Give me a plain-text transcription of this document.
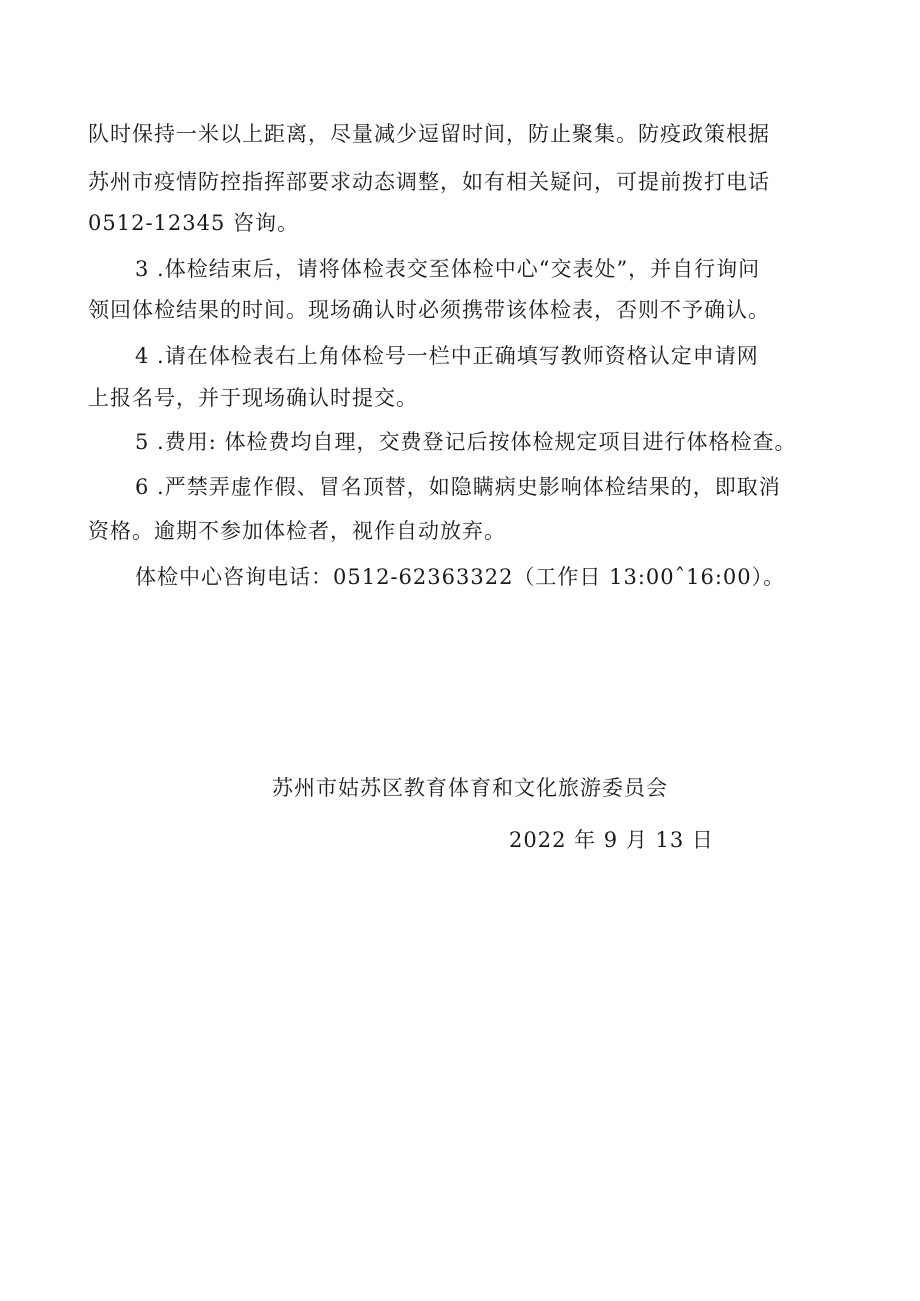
队时保持一米以上距离，尽量减少逗留时间，防止聚集。防疫政策根据
苏州市疫情防控指挥部要求动态调整，如有相关疑问，可提前拨打电话
0512-12345 咨询。
3 .体检结束后，请将体检表交至体检中心“交表处”，并自行询问
领回体检结果的时间。现场确认时必须携带该体检表，否则不予确认。
4 .请在体检表右上角体检号一栏中正确填写教师资格认定申请网
上报名号，并于现场确认时提交。
5 .费用: 体检费均自理，交费登记后按体检规定项目进行体格检查。
6 .严禁弄虚作假、冒名顶替，如隐瞒病史影响体检结果的，即取消
资格。逾期不参加体检者，视作自动放弃。
体检中心咨询电话：0512-62363322（工作日 13:00ˆ16:00）。
苏州市姑苏区教育体育和文化旅游委员会
2022 年 9 月 13 日
